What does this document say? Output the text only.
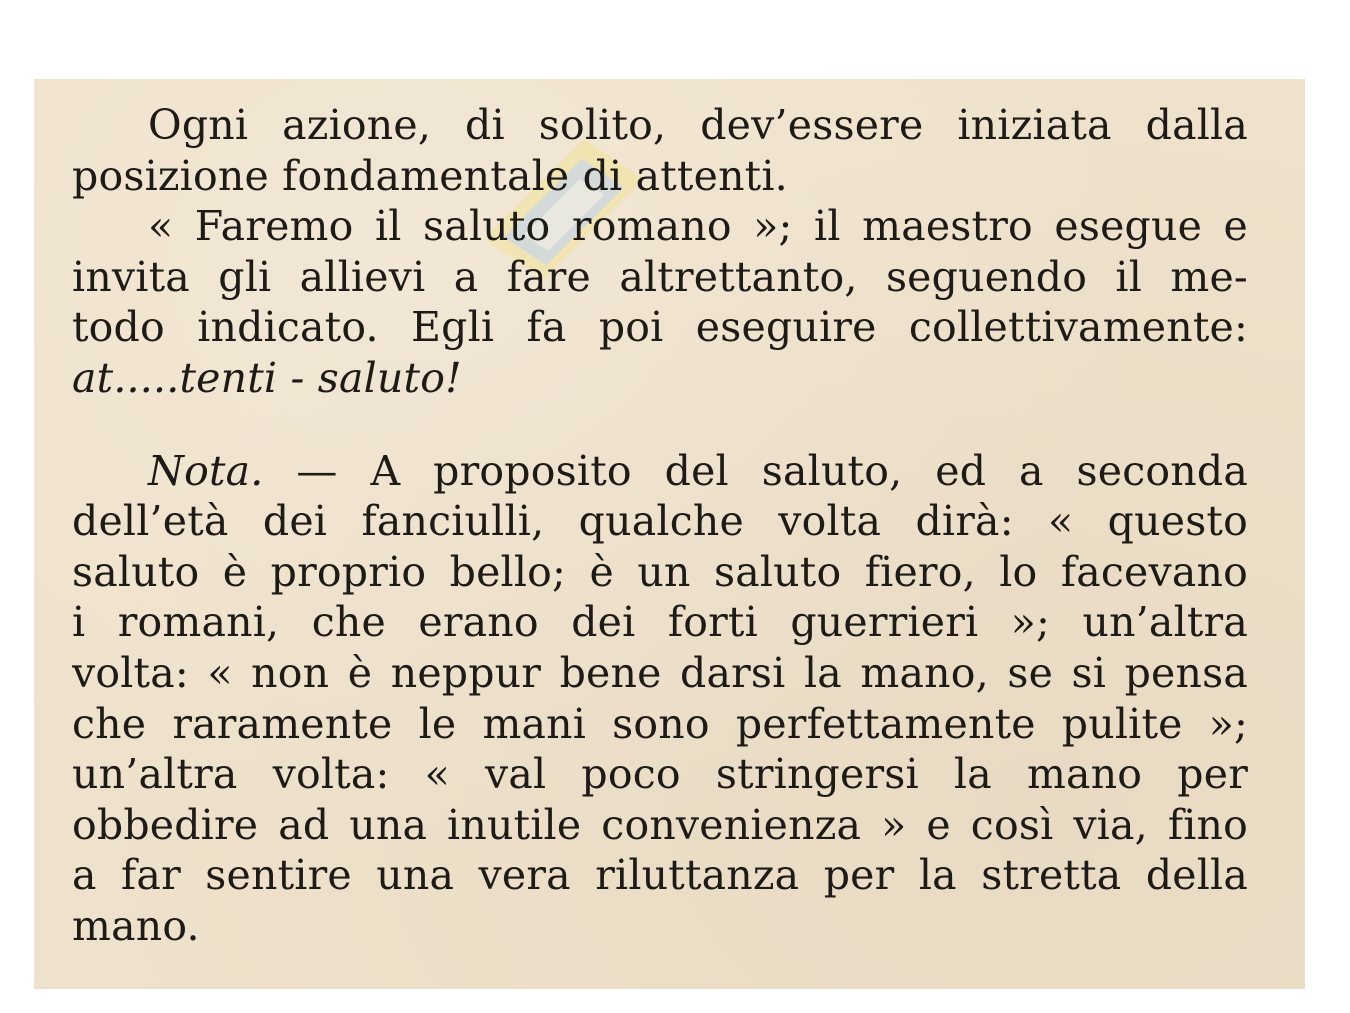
Ogni azione, di solito, dev’essere iniziata dalla
posizione fondamentale di attenti.
« Faremo il saluto romano »; il maestro esegue e
invita gli allievi a fare altrettanto, seguendo il me-
todo indicato. Egli fa poi eseguire collettivamente:
at.....tenti - saluto!
Nota. — A proposito del saluto, ed a seconda
dell’età dei fanciulli, qualche volta dirà: « questo
saluto è proprio bello; è un saluto fiero, lo facevano
i romani, che erano dei forti guerrieri »; un’altra
volta: « non è neppur bene darsi la mano, se si pensa
che raramente le mani sono perfettamente pulite »;
un’altra volta: « val poco stringersi la mano per
obbedire ad una inutile convenienza » e così via, fino
a far sentire una vera riluttanza per la stretta della
mano.
